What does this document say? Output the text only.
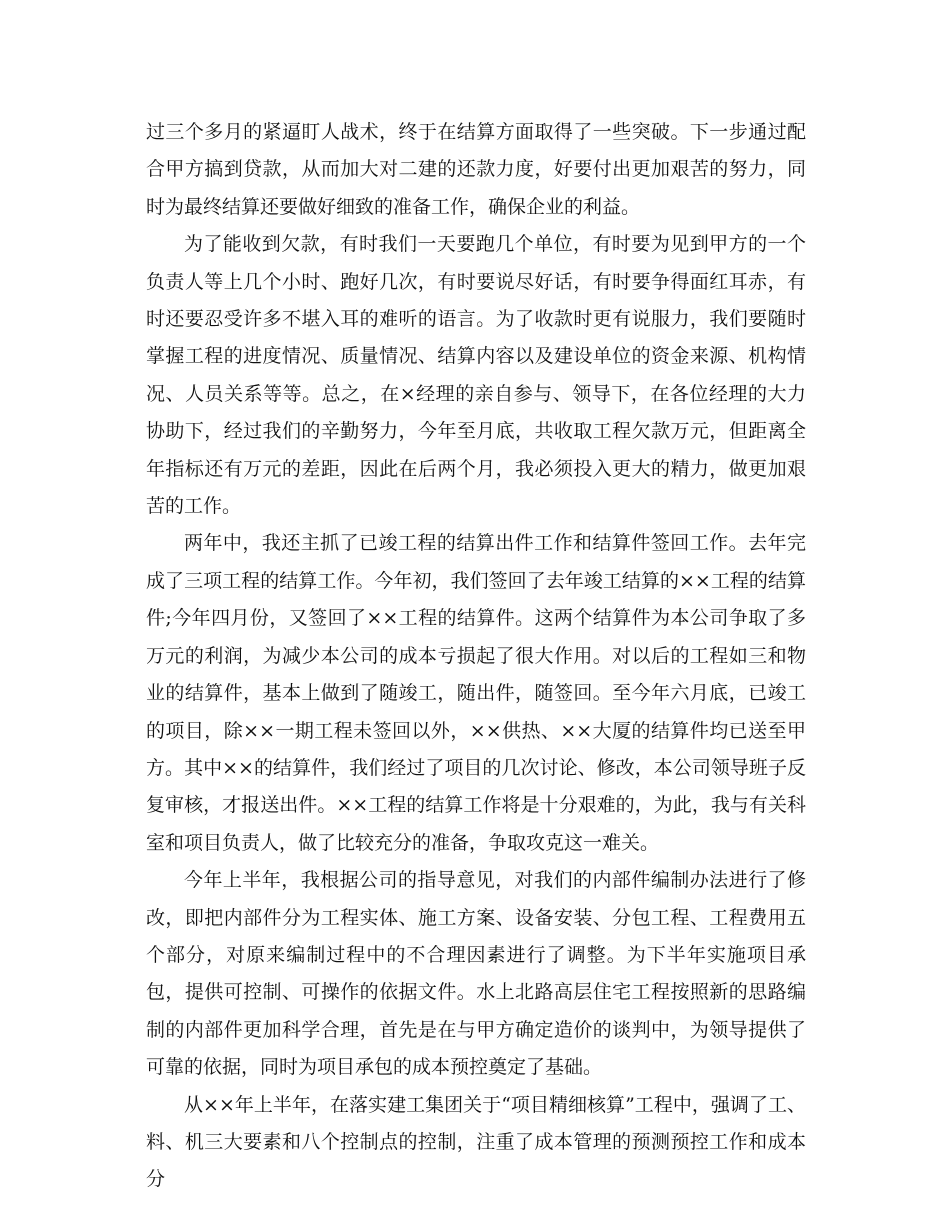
过三个多月的紧逼盯人战术，终于在结算方面取得了一些突破。下一步通过配合甲方搞到贷款，从而加大对二建的还款力度，好要付出更加艰苦的努力，同时为最终结算还要做好细致的准备工作，确保企业的利益。

为了能收到欠款，有时我们一天要跑几个单位，有时要为见到甲方的一个负责人等上几个小时、跑好几次，有时要说尽好话，有时要争得面红耳赤，有时还要忍受许多不堪入耳的难听的语言。为了收款时更有说服力，我们要随时掌握工程的进度情况、质量情况、结算内容以及建设单位的资金来源、机构情况、人员关系等等。总之，在×经理的亲自参与、领导下，在各位经理的大力协助下，经过我们的辛勤努力，今年至月底，共收取工程欠款万元，但距离全年指标还有万元的差距，因此在后两个月，我必须投入更大的精力，做更加艰苦的工作。

两年中，我还主抓了已竣工程的结算出件工作和结算件签回工作。去年完成了三项工程的结算工作。今年初，我们签回了去年竣工结算的××工程的结算件;今年四月份，又签回了××工程的结算件。这两个结算件为本公司争取了多万元的利润，为减少本公司的成本亏损起了很大作用。对以后的工程如三和物业的结算件，基本上做到了随竣工，随出件，随签回。至今年六月底，已竣工的项目，除××一期工程未签回以外，××供热、××大厦的结算件均已送至甲方。其中××的结算件，我们经过了项目的几次讨论、修改，本公司领导班子反复审核，才报送出件。××工程的结算工作将是十分艰难的，为此，我与有关科室和项目负责人，做了比较充分的准备，争取攻克这一难关。

今年上半年，我根据公司的指导意见，对我们的内部件编制办法进行了修改，即把内部件分为工程实体、施工方案、设备安装、分包工程、工程费用五个部分，对原来编制过程中的不合理因素进行了调整。为下半年实施项目承包，提供可控制、可操作的依据文件。水上北路高层住宅工程按照新的思路编制的内部件更加科学合理，首先是在与甲方确定造价的谈判中，为领导提供了可靠的依据，同时为项目承包的成本预控奠定了基础。

从××年上半年，在落实建工集团关于“项目精细核算”工程中，强调了工、料、机三大要素和八个控制点的控制，注重了成本管理的预测预控工作和成本分
